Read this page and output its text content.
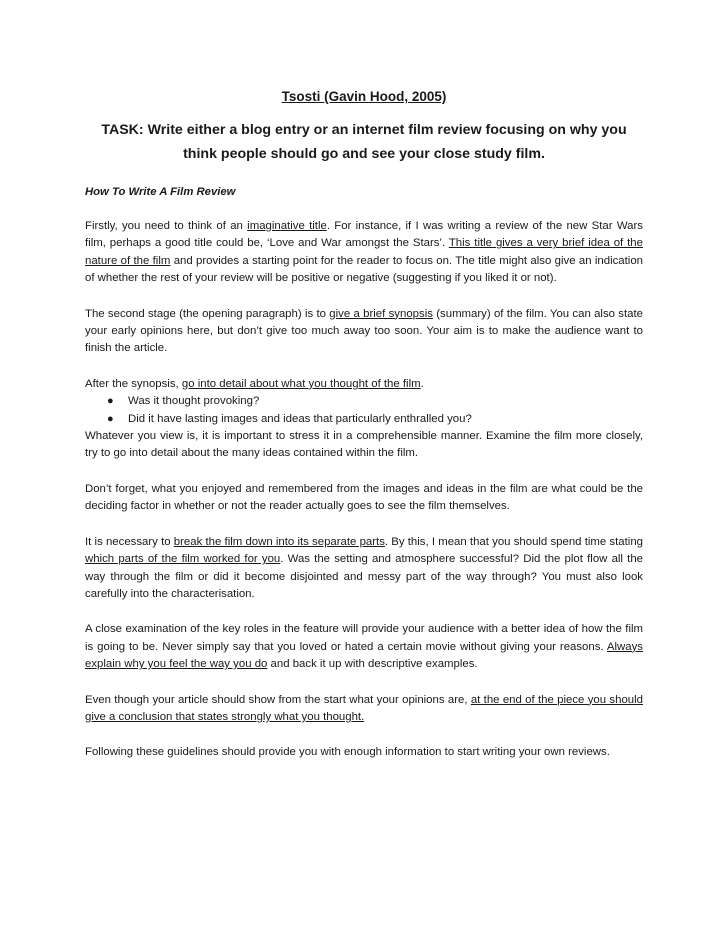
Tsosti (Gavin Hood, 2005)

TASK: Write either a blog entry or an internet film review focusing on why you think people should go and see your close study film.

How To Write A Film Review

Firstly, you need to think of an imaginative title. For instance, if I was writing a review of the new Star Wars film, perhaps a good title could be, ‘Love and War amongst the Stars’. This title gives a very brief idea of the nature of the film and provides a starting point for the reader to focus on. The title might also give an indication of whether the rest of your review will be positive or negative (suggesting if you liked it or not).

The second stage (the opening paragraph) is to give a brief synopsis (summary) of the film. You can also state your early opinions here, but don’t give too much away too soon. Your aim is to make the audience want to finish the article.

After the synopsis, go into detail about what you thought of the film.

● Was it thought provoking?
● Did it have lasting images and ideas that particularly enthralled you?

Whatever you view is, it is important to stress it in a comprehensible manner. Examine the film more closely, try to go into detail about the many ideas contained within the film.

Don’t forget, what you enjoyed and remembered from the images and ideas in the film are what could be the deciding factor in whether or not the reader actually goes to see the film themselves.

It is necessary to break the film down into its separate parts. By this, I mean that you should spend time stating which parts of the film worked for you. Was the setting and atmosphere successful? Did the plot flow all the way through the film or did it become disjointed and messy part of the way through? You must also look carefully into the characterisation.

A close examination of the key roles in the feature will provide your audience with a better idea of how the film is going to be. Never simply say that you loved or hated a certain movie without giving your reasons. Always explain why you feel the way you do and back it up with descriptive examples.

Even though your article should show from the start what your opinions are, at the end of the piece you should give a conclusion that states strongly what you thought.

Following these guidelines should provide you with enough information to start writing your own reviews.
